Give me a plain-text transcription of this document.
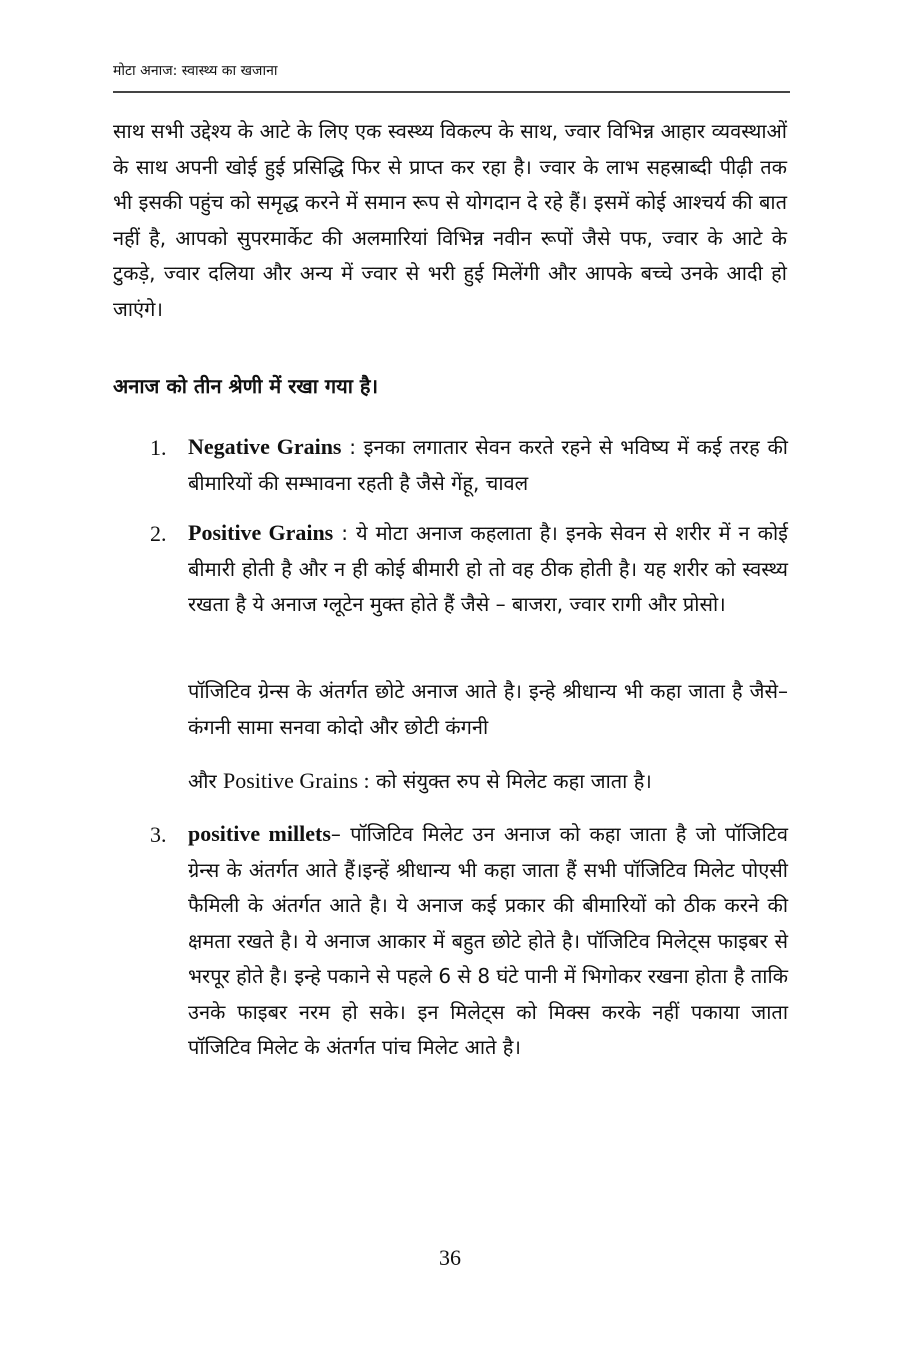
मोटा अनाज: स्वास्थ्य का खजाना

साथ सभी उद्देश्य के आटे के लिए एक स्वस्थ्य विकल्प के साथ, ज्वार विभिन्न आहार व्यवस्थाओं के साथ अपनी खोई हुई प्रसिद्धि फिर से प्राप्त कर रहा है। ज्वार के लाभ सहस्राब्दी पीढ़ी तक भी इसकी पहुंच को समृद्ध करने में समान रूप से योगदान दे रहे हैं। इसमें कोई आश्चर्य की बात नहीं है, आपको सुपरमार्केट की अलमारियां विभिन्न नवीन रूपों जैसे पफ, ज्वार के आटे के टुकड़े, ज्वार दलिया और अन्य में ज्वार से भरी हुई मिलेंगी और आपके बच्चे उनके आदी हो जाएंगे।

अनाज को तीन श्रेणी में रखा गया है।
1. Negative Grains : इनका लगातार सेवन करते रहने से भविष्य में कई तरह की बीमारियों की सम्भावना रहती है जैसे गेंहू, चावल

2. Positive Grains : ये मोटा अनाज कहलाता है। इनके सेवन से शरीर में न कोई बीमारी होती है और न ही कोई बीमारी हो तो वह ठीक होती है। यह शरीर को स्वस्थ्य रखता है ये अनाज ग्लूटेन मुक्त होते हैं जैसे – बाजरा, ज्वार रागी और प्रोसो।

पॉजिटिव ग्रेन्स के अंतर्गत छोटे अनाज आते है। इन्हे श्रीधान्य भी कहा जाता है जैसे– कंगनी सामा सनवा कोदो और छोटी कंगनी

और Positive Grains : को संयुक्त रुप से मिलेट कहा जाता है।

3. positive millets– पॉजिटिव मिलेट उन अनाज को कहा जाता है जो पॉजिटिव ग्रेन्स के अंतर्गत आते हैं।इन्हें श्रीधान्य भी कहा जाता हैं सभी पॉजिटिव मिलेट पोएसी फैमिली के अंतर्गत आते है। ये अनाज कई प्रकार की बीमारियों को ठीक करने की क्षमता रखते है। ये अनाज आकार में बहुत छोटे होते है। पॉजिटिव मिलेट्स फाइबर से भरपूर होते है। इन्हे पकाने से पहले 6 से 8 घंटे पानी में भिगोकर रखना होता है ताकि उनके फाइबर नरम हो सके। इन मिलेट्स को मिक्स करके नहीं पकाया जाता पॉजिटिव मिलेट के अंतर्गत पांच मिलेट आते है।

36
